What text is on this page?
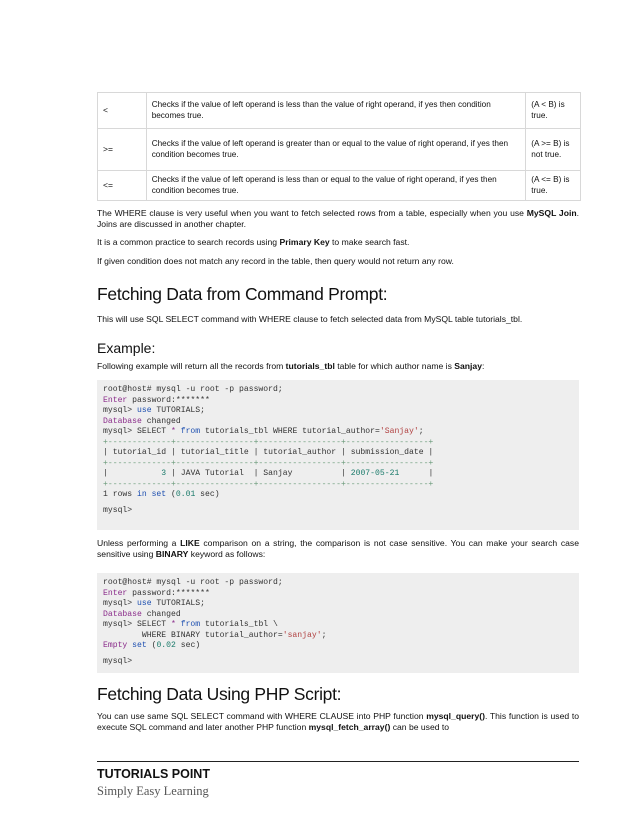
<	Checks if the value of left operand is less than the value of right operand, if yes then condition becomes true.	(A < B) is true.
>=	Checks if the value of left operand is greater than or equal to the value of right operand, if yes then condition becomes true.	(A >= B) is not true.
<=	Checks if the value of left operand is less than or equal to the value of right operand, if yes then condition becomes true.	(A <= B) is true.
The WHERE clause is very useful when you want to fetch selected rows from a table, especially when you use MySQL Join. Joins are discussed in another chapter.
It is a common practice to search records using Primary Key to make search fast.
If given condition does not match any record in the table, then query would not return any row.
Fetching Data from Command Prompt:
This will use SQL SELECT command with WHERE clause to fetch selected data from MySQL table tutorials_tbl.
Example:
Following example will return all the records from tutorials_tbl table for which author name is Sanjay:
root@host# mysql -u root -p password;
Enter password:*******
mysql> use TUTORIALS;
Database changed
mysql> SELECT * from tutorials_tbl WHERE tutorial_author='Sanjay';
+-------------+----------------+-----------------+-----------------+
| tutorial_id | tutorial_title | tutorial_author | submission_date |
+-------------+----------------+-----------------+-----------------+
|           3 | JAVA Tutorial  | Sanjay          | 2007-05-21      |
+-------------+----------------+-----------------+-----------------+
1 rows in set (0.01 sec)
mysql>
Unless performing a LIKE comparison on a string, the comparison is not case sensitive. You can make your search case sensitive using BINARY keyword as follows:
root@host# mysql -u root -p password;
Enter password:*******
mysql> use TUTORIALS;
Database changed
mysql> SELECT * from tutorials_tbl \
WHERE BINARY tutorial_author='sanjay';
Empty set (0.02 sec)
mysql>
Fetching Data Using PHP Script:
You can use same SQL SELECT command with WHERE CLAUSE into PHP function mysql_query(). This function is used to execute SQL command and later another PHP function mysql_fetch_array() can be used to
TUTORIALS POINT
Simply Easy Learning
